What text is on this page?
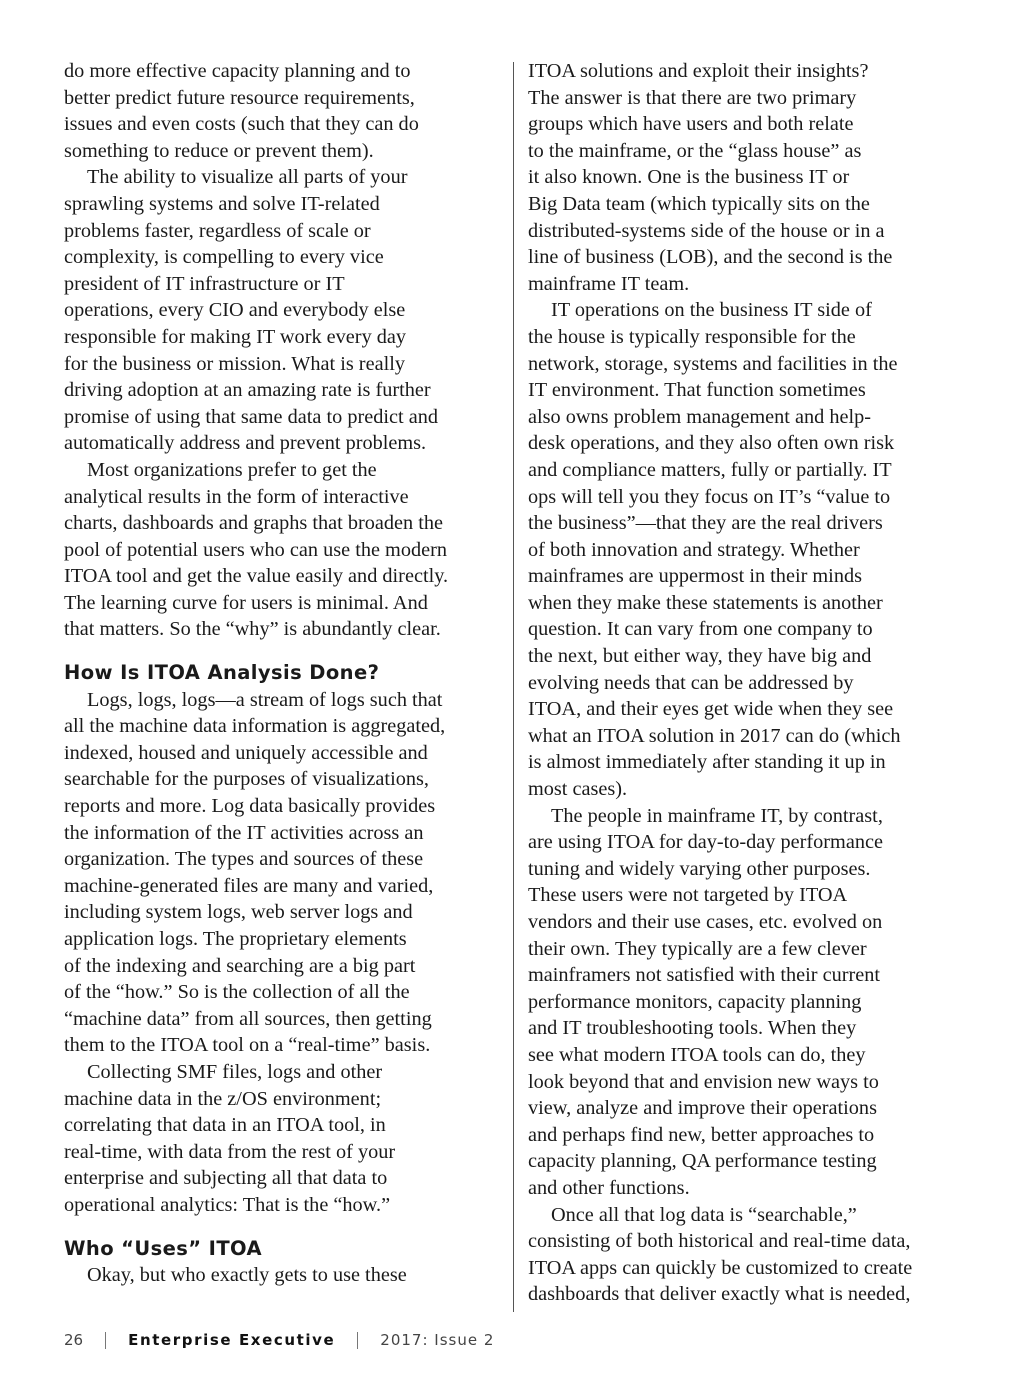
do more effective capacity planning and to
better predict future resource requirements,
issues and even costs (such that they can do
something to reduce or prevent them).
The ability to visualize all parts of your
sprawling systems and solve IT-related
problems faster, regardless of scale or
complexity, is compelling to every vice
president of IT infrastructure or IT
operations, every CIO and everybody else
responsible for making IT work every day
for the business or mission. What is really
driving adoption at an amazing rate is further
promise of using that same data to predict and
automatically address and prevent problems.
Most organizations prefer to get the
analytical results in the form of interactive
charts, dashboards and graphs that broaden the
pool of potential users who can use the modern
ITOA tool and get the value easily and directly.
The learning curve for users is minimal. And
that matters. So the “why” is abundantly clear.
How Is ITOA Analysis Done?
Logs, logs, logs—a stream of logs such that
all the machine data information is aggregated,
indexed, housed and uniquely accessible and
searchable for the purposes of visualizations,
reports and more. Log data basically provides
the information of the IT activities across an
organization. The types and sources of these
machine-generated files are many and varied,
including system logs, web server logs and
application logs. The proprietary elements
of the indexing and searching are a big part
of the “how.” So is the collection of all the
“machine data” from all sources, then getting
them to the ITOA tool on a “real-time” basis.
Collecting SMF files, logs and other
machine data in the z/OS environment;
correlating that data in an ITOA tool, in
real-time, with data from the rest of your
enterprise and subjecting all that data to
operational analytics: That is the “how.”
Who “Uses” ITOA
Okay, but who exactly gets to use these
ITOA solutions and exploit their insights?
The answer is that there are two primary
groups which have users and both relate
to the mainframe, or the “glass house” as
it also known. One is the business IT or
Big Data team (which typically sits on the
distributed-systems side of the house or in a
line of business (LOB), and the second is the
mainframe IT team.
IT operations on the business IT side of
the house is typically responsible for the
network, storage, systems and facilities in the
IT environment. That function sometimes
also owns problem management and help-
desk operations, and they also often own risk
and compliance matters, fully or partially. IT
ops will tell you they focus on IT’s “value to
the business”—that they are the real drivers
of both innovation and strategy. Whether
mainframes are uppermost in their minds
when they make these statements is another
question. It can vary from one company to
the next, but either way, they have big and
evolving needs that can be addressed by
ITOA, and their eyes get wide when they see
what an ITOA solution in 2017 can do (which
is almost immediately after standing it up in
most cases).
The people in mainframe IT, by contrast,
are using ITOA for day-to-day performance
tuning and widely varying other purposes.
These users were not targeted by ITOA
vendors and their use cases, etc. evolved on
their own. They typically are a few clever
mainframers not satisfied with their current
performance monitors, capacity planning
and IT troubleshooting tools. When they
see what modern ITOA tools can do, they
look beyond that and envision new ways to
view, analyze and improve their operations
and perhaps find new, better approaches to
capacity planning, QA performance testing
and other functions.
Once all that log data is “searchable,”
consisting of both historical and real-time data,
ITOA apps can quickly be customized to create
dashboards that deliver exactly what is needed,
26	Enterprise Executive	2017: Issue 2
